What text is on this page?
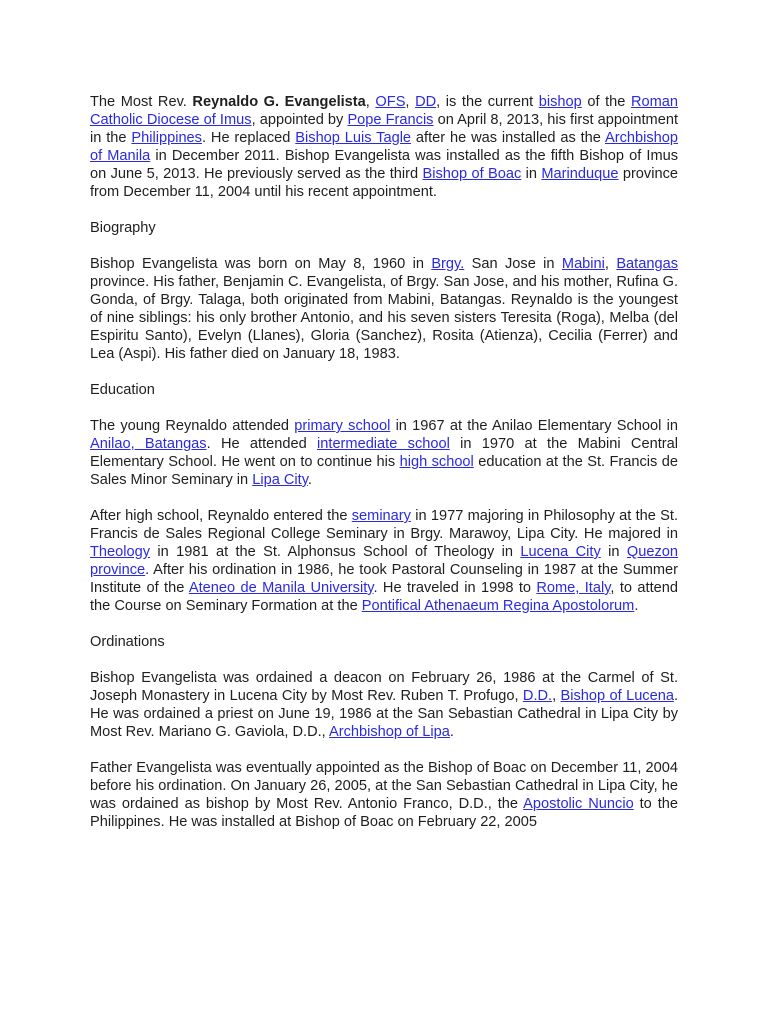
The Most Rev. Reynaldo G. Evangelista, OFS, DD, is the current bishop of the Roman Catholic Diocese of Imus, appointed by Pope Francis on April 8, 2013, his first appointment in the Philippines. He replaced Bishop Luis Tagle after he was installed as the Archbishop of Manila in December 2011. Bishop Evangelista was installed as the fifth Bishop of Imus on June 5, 2013. He previously served as the third Bishop of Boac in Marinduque province from December 11, 2004 until his recent appointment.

Biography

Bishop Evangelista was born on May 8, 1960 in Brgy. San Jose in Mabini, Batangas province. His father, Benjamin C. Evangelista, of Brgy. San Jose, and his mother, Rufina G. Gonda, of Brgy. Talaga, both originated from Mabini, Batangas. Reynaldo is the youngest of nine siblings: his only brother Antonio, and his seven sisters Teresita (Roga), Melba (del Espiritu Santo), Evelyn (Llanes), Gloria (Sanchez), Rosita (Atienza), Cecilia (Ferrer) and Lea (Aspi). His father died on January 18, 1983.

Education

The young Reynaldo attended primary school in 1967 at the Anilao Elementary School in Anilao, Batangas. He attended intermediate school in 1970 at the Mabini Central Elementary School. He went on to continue his high school education at the St. Francis de Sales Minor Seminary in Lipa City.

After high school, Reynaldo entered the seminary in 1977 majoring in Philosophy at the St. Francis de Sales Regional College Seminary in Brgy. Marawoy, Lipa City. He majored in Theology in 1981 at the St. Alphonsus School of Theology in Lucena City in Quezon province. After his ordination in 1986, he took Pastoral Counseling in 1987 at the Summer Institute of the Ateneo de Manila University. He traveled in 1998 to Rome, Italy, to attend the Course on Seminary Formation at the Pontifical Athenaeum Regina Apostolorum.

Ordinations

Bishop Evangelista was ordained a deacon on February 26, 1986 at the Carmel of St. Joseph Monastery in Lucena City by Most Rev. Ruben T. Profugo, D.D., Bishop of Lucena. He was ordained a priest on June 19, 1986 at the San Sebastian Cathedral in Lipa City by Most Rev. Mariano G. Gaviola, D.D., Archbishop of Lipa.

Father Evangelista was eventually appointed as the Bishop of Boac on December 11, 2004 before his ordination. On January 26, 2005, at the San Sebastian Cathedral in Lipa City, he was ordained as bishop by Most Rev. Antonio Franco, D.D., the Apostolic Nuncio to the Philippines. He was installed at Bishop of Boac on February 22, 2005
